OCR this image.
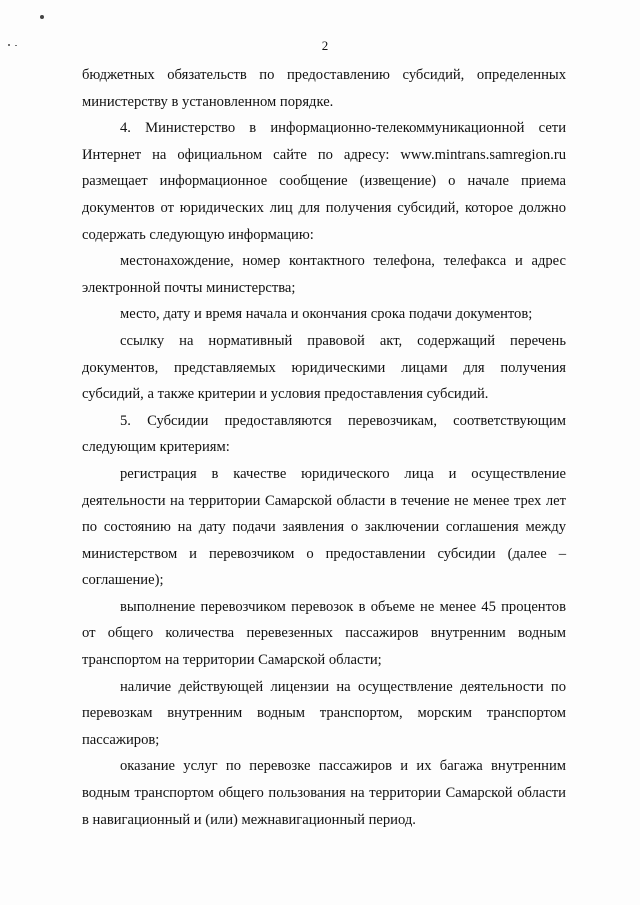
2

бюджетных обязательств по предоставлению субсидий, определенных министерству в установленном порядке.

4. Министерство в информационно-телекоммуникационной сети Интернет на официальном сайте по адресу: www.mintrans.samregion.ru размещает информационное сообщение (извещение) о начале приема документов от юридических лиц для получения субсидий, которое должно содержать следующую информацию:

местонахождение, номер контактного телефона, телефакса и адрес электронной почты министерства;

место, дату и время начала и окончания срока подачи документов;

ссылку на нормативный правовой акт, содержащий перечень документов, представляемых юридическими лицами для получения субсидий, а также критерии и условия предоставления субсидий.

5. Субсидии предоставляются перевозчикам, соответствующим следующим критериям:

регистрация в качестве юридического лица и осуществление деятельности на территории Самарской области в течение не менее трех лет по состоянию на дату подачи заявления о заключении соглашения между министерством и перевозчиком о предоставлении субсидии (далее – соглашение);

выполнение перевозчиком перевозок в объеме не менее 45 процентов от общего количества перевезенных пассажиров внутренним водным транспортом на территории Самарской области;

наличие действующей лицензии на осуществление деятельности по перевозкам внутренним водным транспортом, морским транспортом пассажиров;

оказание услуг по перевозке пассажиров и их багажа внутренним водным транспортом общего пользования на территории Самарской области в навигационный и (или) межнавигационный период.
